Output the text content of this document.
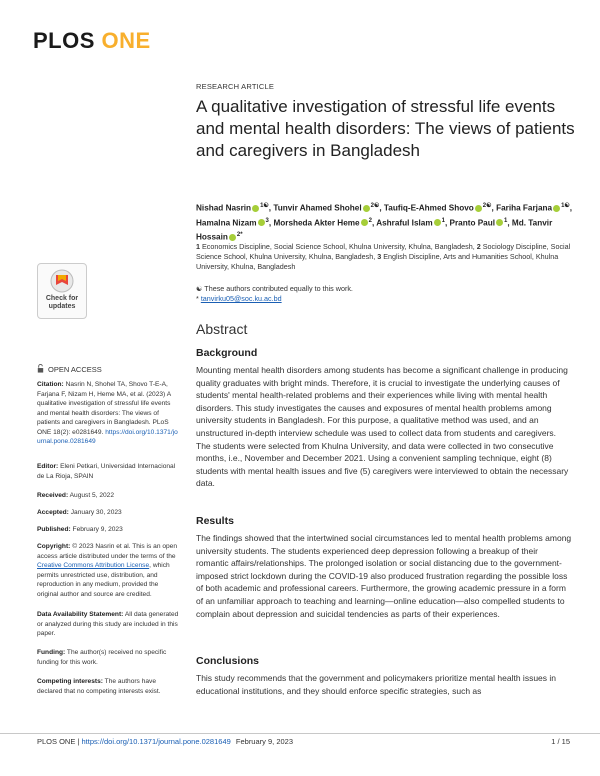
PLOS ONE
Check for
updates
OPEN ACCESS
Citation: Nasrin N, Shohel TA, Shovo T-E-A, Farjana F, Nizam H, Heme MA, et al. (2023) A qualitative investigation of stressful life events and mental health disorders: The views of patients and caregivers in Bangladesh. PLoS ONE 18(2): e0281649. https://doi.org/10.1371/journal.pone.0281649
Editor: Eleni Petkari, Universidad Internacional de La Rioja, SPAIN
Received: August 5, 2022
Accepted: January 30, 2023
Published: February 9, 2023
Copyright: © 2023 Nasrin et al. This is an open access article distributed under the terms of the Creative Commons Attribution License, which permits unrestricted use, distribution, and reproduction in any medium, provided the original author and source are credited.
Data Availability Statement: All data generated or analyzed during this study are included in this paper.
Funding: The author(s) received no specific funding for this work.
Competing interests: The authors have declared that no competing interests exist.
RESEARCH ARTICLE
A qualitative investigation of stressful life events and mental health disorders: The views of patients and caregivers in Bangladesh
Nishad Nasrin $^{1☯}$, Tunvir Ahamed Shohel $^{2☯}$, Taufiq-E-Ahmed Shovo $^{2☯}$, Fariha Farjana $^{1☯}$, Hamalna Nizam $^3$, Morsheda Akter Heme $^2$, Ashraful Islam $^1$, Pranto Paul $^1$, Md. Tanvir Hossain $^{2*}$
1 Economics Discipline, Social Science School, Khulna University, Khulna, Bangladesh, 2 Sociology Discipline, Social Science School, Khulna University, Khulna, Bangladesh, 3 English Discipline, Arts and Humanities School, Khulna University, Khulna, Bangladesh
☯ These authors contributed equally to this work.
* tanvirku05@soc.ku.ac.bd
Abstract
Background
Mounting mental health disorders among students has become a significant challenge in producing quality graduates with bright minds. Therefore, it is crucial to investigate the underlying causes of students' mental health-related problems and their experiences while living with mental health disorders. This study investigates the causes and exposures of mental health problems among university students in Bangladesh. For this purpose, a qualitative method was used, and an unstructured in-depth interview schedule was used to collect data from students and caregivers. The students were selected from Khulna University, and data were collected in two consecutive months, i.e., November and December 2021. Using a convenient sampling technique, eight (8) students with mental health issues and five (5) caregivers were interviewed to obtain the necessary data.
Results
The findings showed that the intertwined social circumstances led to mental health problems among university students. The students experienced deep depression following a breakup of their romantic affairs/relationships. The prolonged isolation or social distancing due to the government-imposed strict lockdown during the COVID-19 also produced frustration regarding the possible loss of both academic and professional careers. Furthermore, the growing academic pressure in a form of an unfamiliar approach to teaching and learning—online education—also compelled students to complain about depression and suicidal tendencies as parts of their experiences.
Conclusions
This study recommends that the government and policymakers prioritize mental health issues in educational institutions, and they should enforce specific strategies, such as
PLOS ONE | https://doi.org/10.1371/journal.pone.0281649 February 9, 2023	1 / 15
